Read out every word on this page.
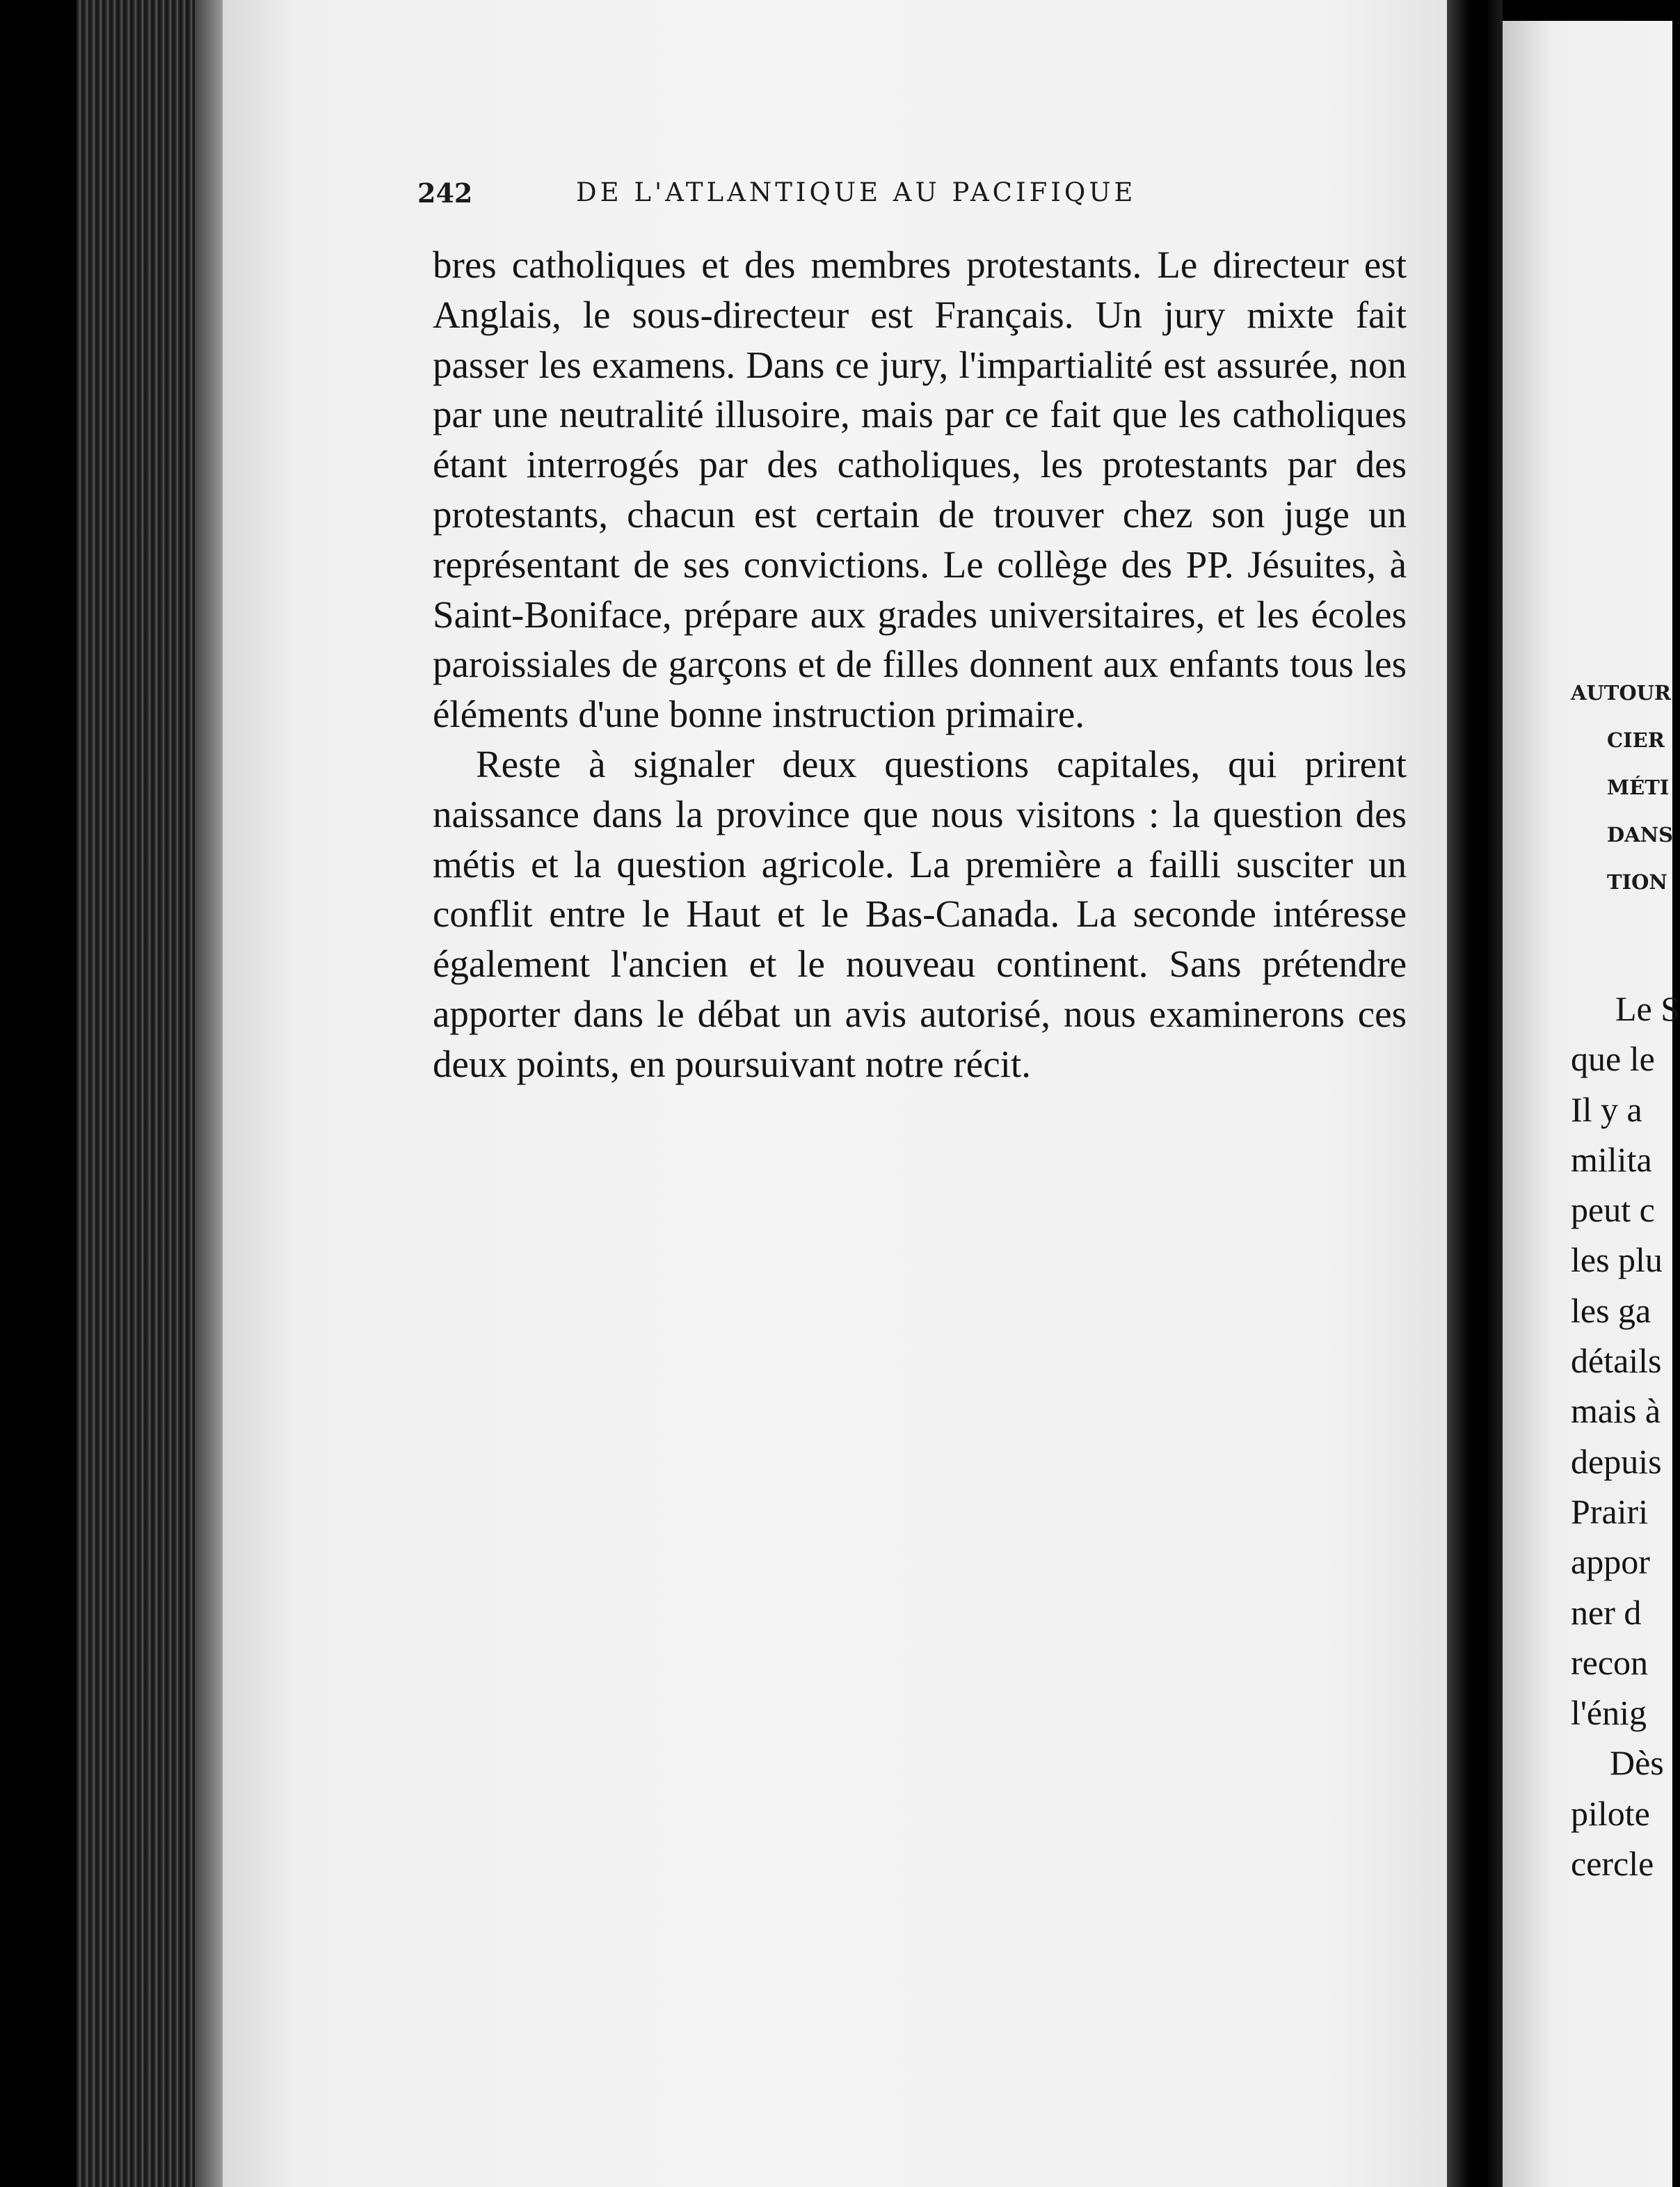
242	DE L'ATLANTIQUE AU PACIFIQUE

bres catholiques et des membres protestants. Le directeur est Anglais, le sous-directeur est Français. Un jury mixte fait passer les examens. Dans ce jury, l'impartialité est assurée, non par une neutralité illusoire, mais par ce fait que les catholiques étant interrogés par des catholiques, les protestants par des protestants, chacun est certain de trouver chez son juge un représentant de ses convictions. Le collège des PP. Jésuites, à Saint-Boniface, prépare aux grades universitaires, et les écoles paroissiales de garçons et de filles donnent aux enfants tous les éléments d'une bonne instruction primaire.

Reste à signaler deux questions capitales, qui prirent naissance dans la province que nous visitons : la question des métis et la question agricole. La première a failli susciter un conflit entre le Haut et le Bas-Canada. La seconde intéresse également l'ancien et le nouveau continent. Sans prétendre apporter dans le débat un avis autorisé, nous examinerons ces deux points, en poursuivant notre récit.

AUTOUR
CIER
MÉTI
DANS
TION
Le S
que le
Il y a
milita
peut c
les plu
les ga
détails
mais à
depuis
Prairi
appor
ner d
recon
l'énig
Dès
pilote
cercle
